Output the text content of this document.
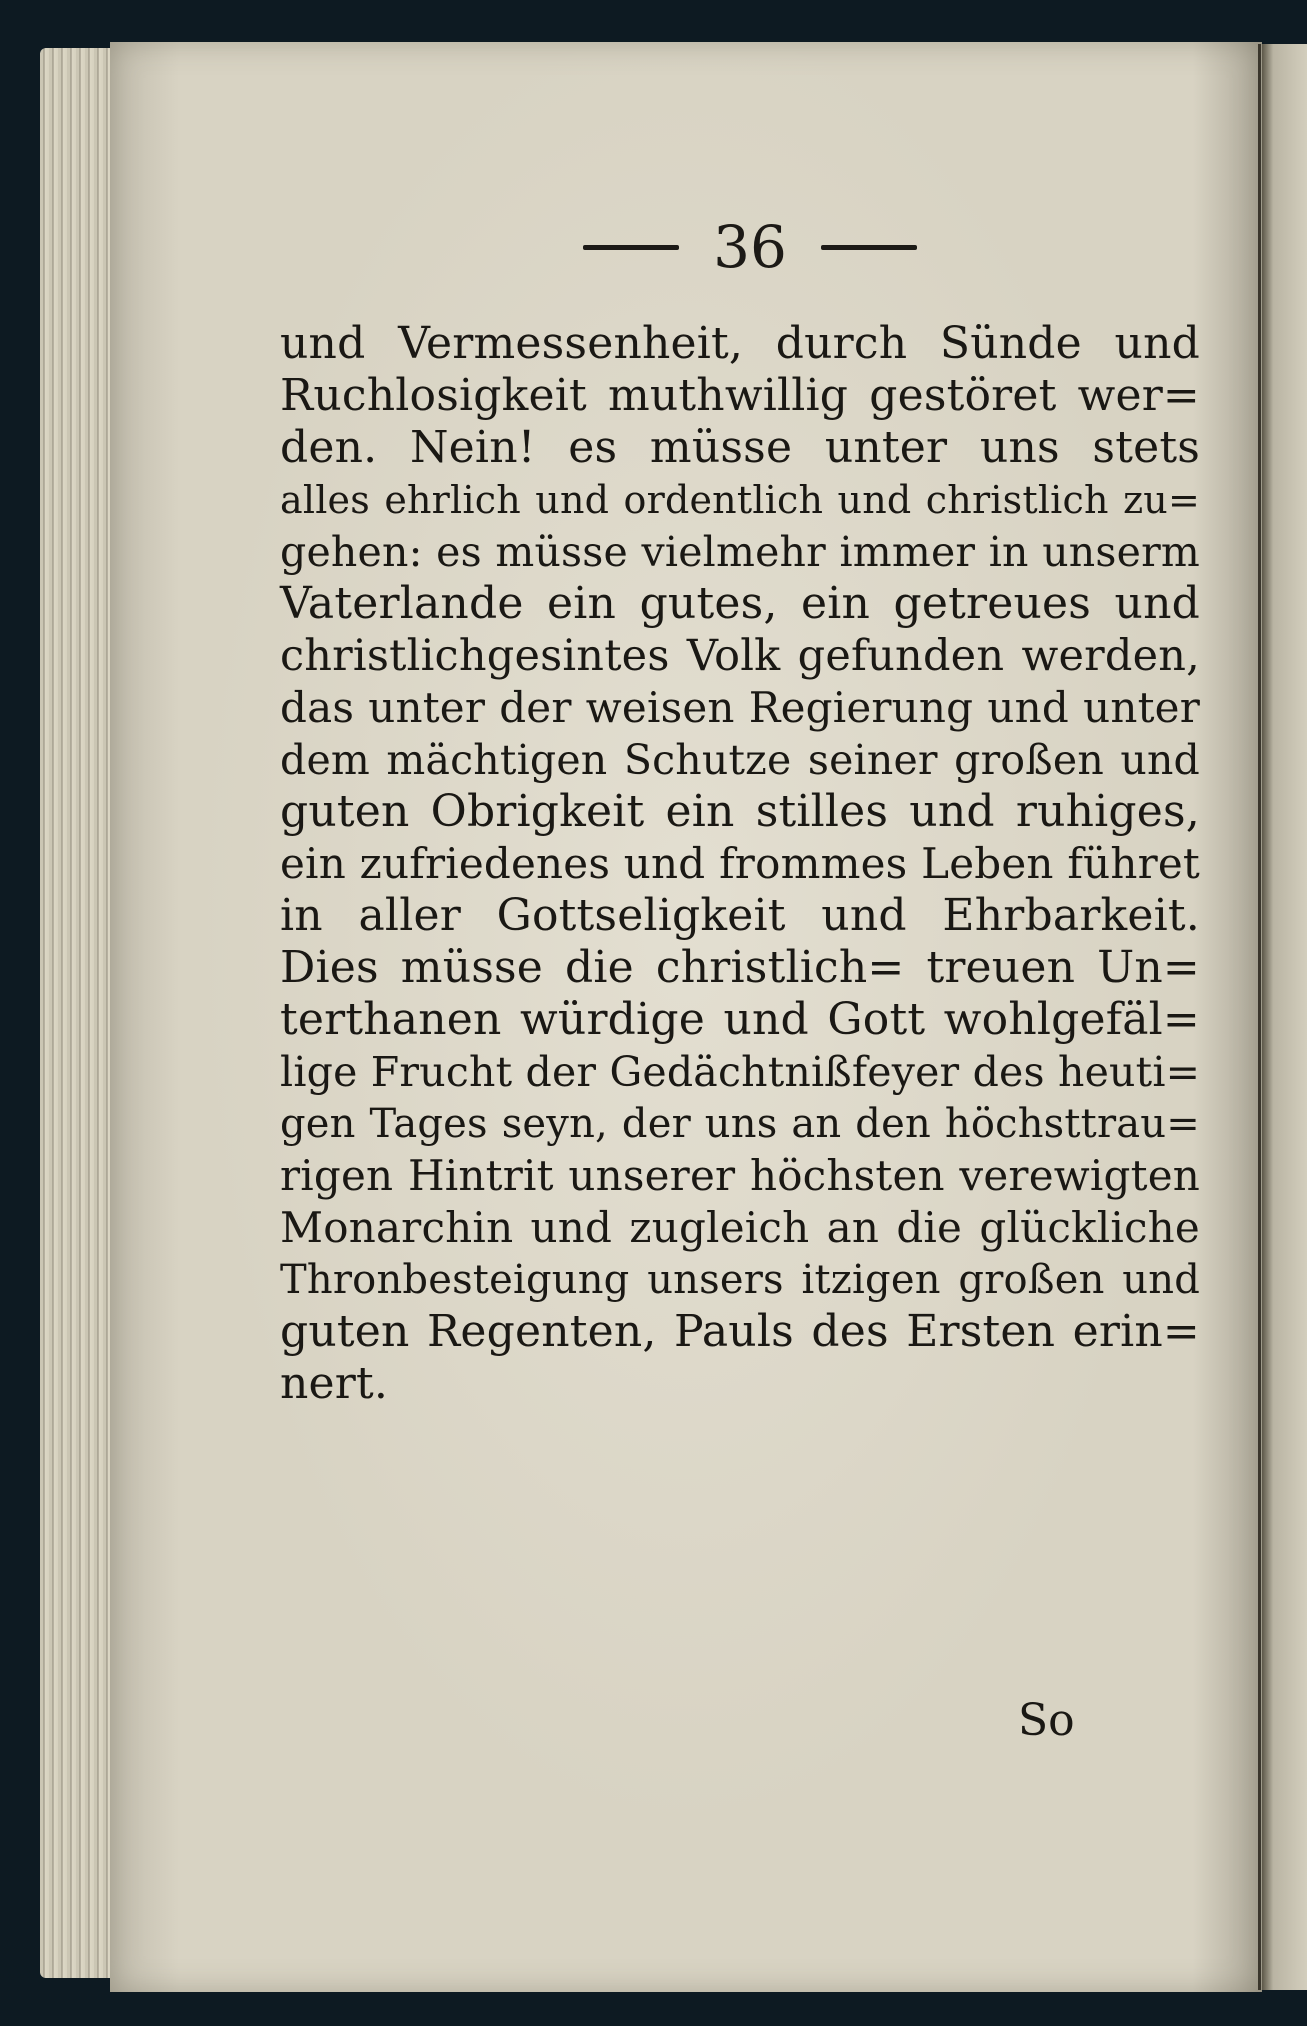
36
und Vermessenheit, durch Sünde und
Ruchlosigkeit muthwillig gestöret wer=
den. Nein! es müsse unter uns stets
alles ehrlich und ordentlich und christlich zu=
gehen: es müsse vielmehr immer in unserm
Vaterlande ein gutes, ein getreues und
christlichgesintes Volk gefunden werden,
das unter der weisen Regierung und unter
dem mächtigen Schutze seiner großen und
guten Obrigkeit ein stilles und ruhiges,
ein zufriedenes und frommes Leben führet
in aller Gottseligkeit und Ehrbarkeit.
Dies müsse die christlich= treuen Un=
terthanen würdige und Gott wohlgefäl=
lige Frucht der Gedächtnißfeyer des heuti=
gen Tages seyn, der uns an den höchsttrau=
rigen Hintrit unserer höchsten verewigten
Monarchin und zugleich an die glückliche
Thronbesteigung unsers itzigen großen und
guten Regenten, Pauls des Ersten erin=
nert.
So
